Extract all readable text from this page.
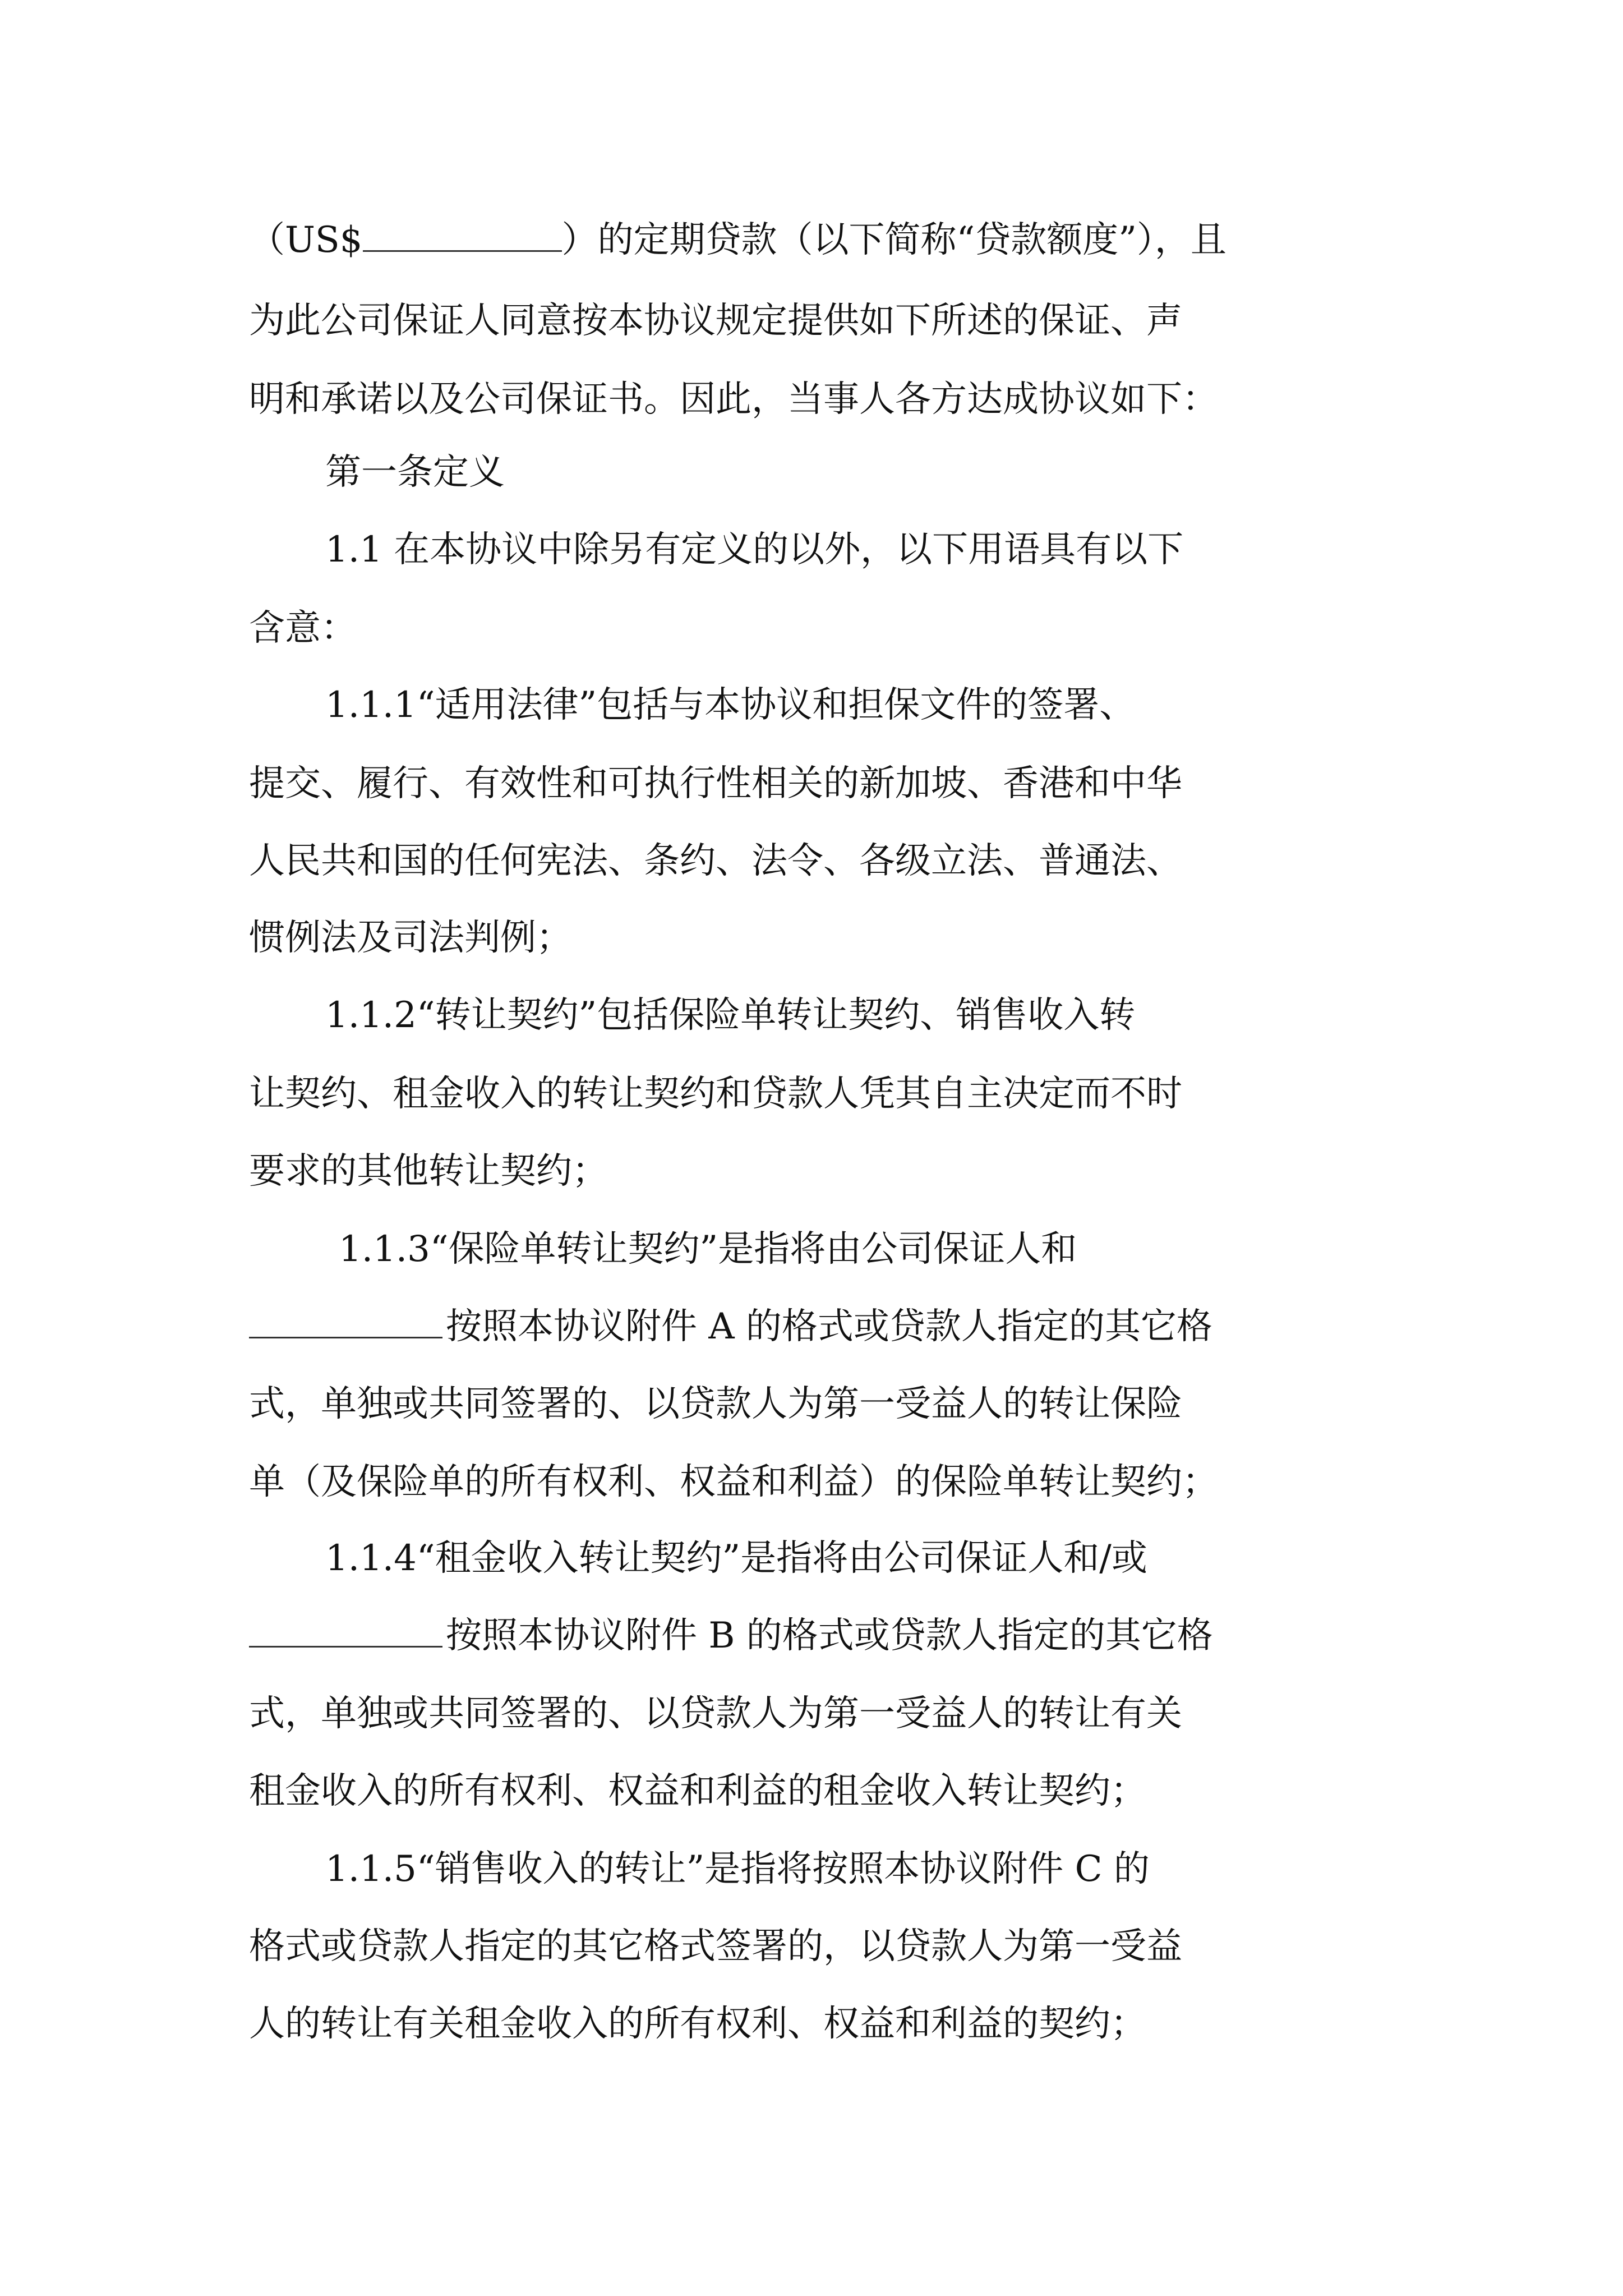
（US$	）的定期贷款（以下简称“贷款额度”），且
为此公司保证人同意按本协议规定提供如下所述的保证、声
明和承诺以及公司保证书。因此，当事人各方达成协议如下：
第一条定义
1.1 在本协议中除另有定义的以外，以下用语具有以下
含意：
1.1.1“适用法律”包括与本协议和担保文件的签署、
提交、履行、有效性和可执行性相关的新加坡、香港和中华
人民共和国的任何宪法、条约、法令、各级立法、普通法、
惯例法及司法判例；
1.1.2“转让契约”包括保险单转让契约、销售收入转
让契约、租金收入的转让契约和贷款人凭其自主决定而不时
要求的其他转让契约；
1.1.3“保险单转让契约”是指将由公司保证人和
按照本协议附件 A 的格式或贷款人指定的其它格
式，单独或共同签署的、以贷款人为第一受益人的转让保险
单（及保险单的所有权利、权益和利益）的保险单转让契约；
1.1.4“租金收入转让契约”是指将由公司保证人和/或
按照本协议附件 B 的格式或贷款人指定的其它格
式，单独或共同签署的、以贷款人为第一受益人的转让有关
租金收入的所有权利、权益和利益的租金收入转让契约；
1.1.5“销售收入的转让”是指将按照本协议附件 C 的
格式或贷款人指定的其它格式签署的，以贷款人为第一受益
人的转让有关租金收入的所有权利、权益和利益的契约；
